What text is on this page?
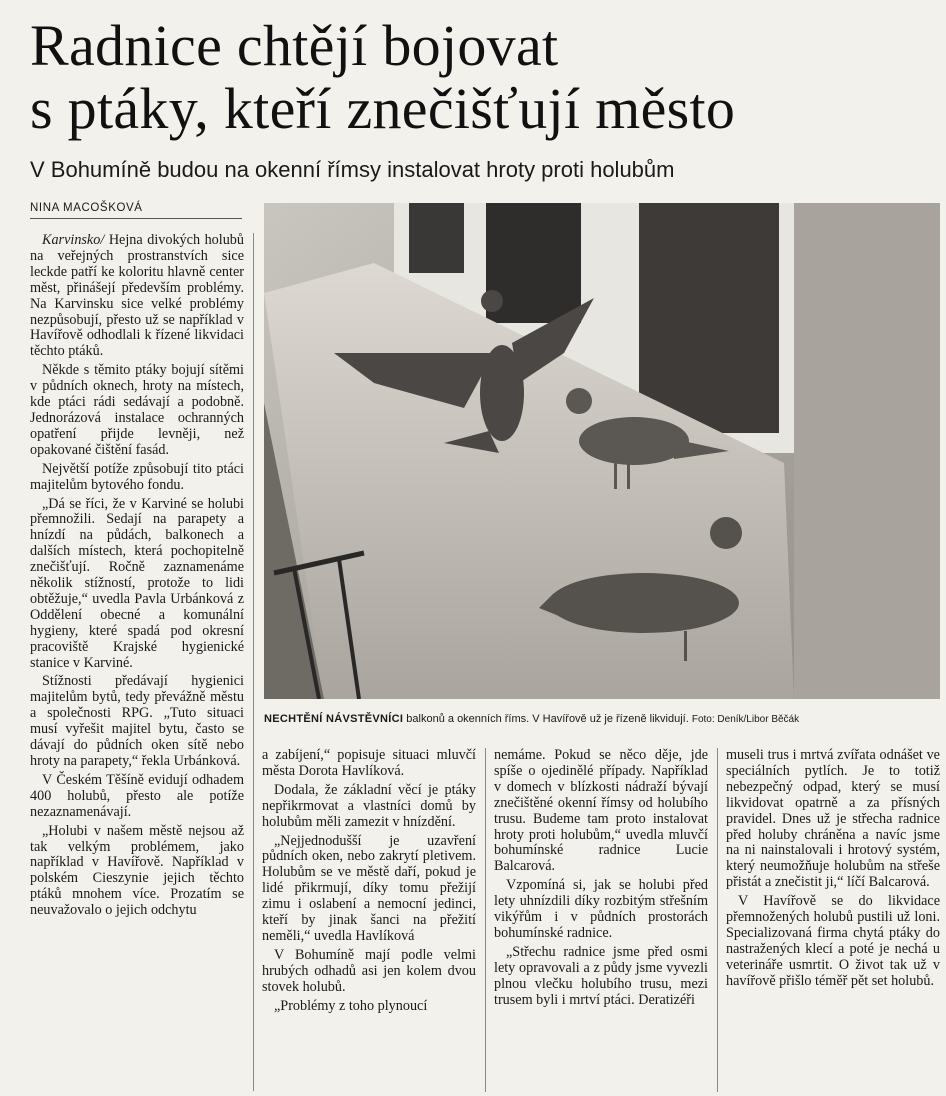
Radnice chtějí bojovat
s ptáky, kteří znečišťují město
V Bohumíně budou na okenní římsy instalovat hroty proti holubům
NINA MACOŠKOVÁ

Karvinsko/ Hejna divokých holubů na veřejných prostranstvích sice leckde patří ke koloritu hlavně center měst, přinášejí především problémy. Na Karvinsku sice velké problémy nezpůsobují, přesto už se například v Havířově odhodlali k řízené likvidaci těchto ptáků.

Někde s těmito ptáky bojují sítěmi v půdních oknech, hroty na místech, kde ptáci rádi sedávají a podobně. Jednorázová instalace ochranných opatření přijde levněji, než opakované čištění fasád.

Největší potíže způsobují tito ptáci majitelům bytového fondu.

„Dá se říci, že v Karviné se holubi přemnožili. Sedají na parapety a hnízdí na půdách, balkonech a dalších místech, která pochopitelně znečišťují. Ročně zaznamenáme několik stížností, protože to lidi obtěžuje,“ uvedla Pavla Urbánková z Oddělení obecné a komunální hygieny, které spadá pod okresní pracoviště Krajské hygienické stanice v Karviné.

Stížnosti předávají hygienici majitelům bytů, tedy převážně městu a společnosti RPG. „Tuto situaci musí vyřešit majitel bytu, často se dávají do půdních oken sítě nebo hroty na parapety,“ řekla Urbánková.

V Českém Těšíně evidují odhadem 400 holubů, přesto ale potíže nezaznamenávají.

„Holubi v našem městě nejsou až tak velkým problémem, jako například v Havířově. Například v polském Cieszynie jejich těchto ptáků mnohem více. Prozatím se neuvažovalo o jejich odchytu

NECHTĚNÍ NÁVSTĚVNÍCI balkonů a okenních říms. V Havířově už je řízeně likvidují. Foto: Deník/Libor Běčák

a zabíjení,“ popisuje situaci mluvčí města Dorota Havlíková.

Dodala, že základní věcí je ptáky nepřikrmovat a vlastníci domů by holubům měli zamezit v hnízdění.

„Nejjednodušší je uzavření půdních oken, nebo zakrytí pletivem. Holubům se ve městě daří, pokud je lidé přikrmují, díky tomu přežijí zimu i oslabení a nemocní jedinci, kteří by jinak šanci na přežití neměli,“ uvedla Havlíková

V Bohumíně mají podle velmi hrubých odhadů asi jen kolem dvou stovek holubů.

„Problémy z toho plynoucí

nemáme. Pokud se něco děje, jde spíše o ojedinělé případy. Například v domech v blízkosti nádraží bývají znečištěné okenní římsy od holubího trusu. Budeme tam proto instalovat hroty proti holubům,“ uvedla mluvčí bohumínské radnice Lucie Balcarová.

Vzpomíná si, jak se holubi před lety uhnízdili díky rozbitým střešním vikýřům i v půdních prostorách bohumínské radnice.

„Střechu radnice jsme před osmi lety opravovali a z půdy jsme vyvezli plnou vlečku holubího trusu, mezi trusem byli i mrtví ptáci. Deratizéři

museli trus i mrtvá zvířata odnášet ve speciálních pytlích. Je to totiž nebezpečný odpad, který se musí likvidovat opatrně a za přísných pravidel. Dnes už je střecha radnice před holuby chráněna a navíc jsme na ni nainstalovali i hrotový systém, který neumožňuje holubům na střeše přistát a znečistit ji,“ líčí Balcarová.

V Havířově se do likvidace přemnožených holubů pustili už loni. Specializovaná firma chytá ptáky do nastražených klecí a poté je nechá u veterináře usmrtit. O život tak už v havířově přišlo téměř pět set holubů.
